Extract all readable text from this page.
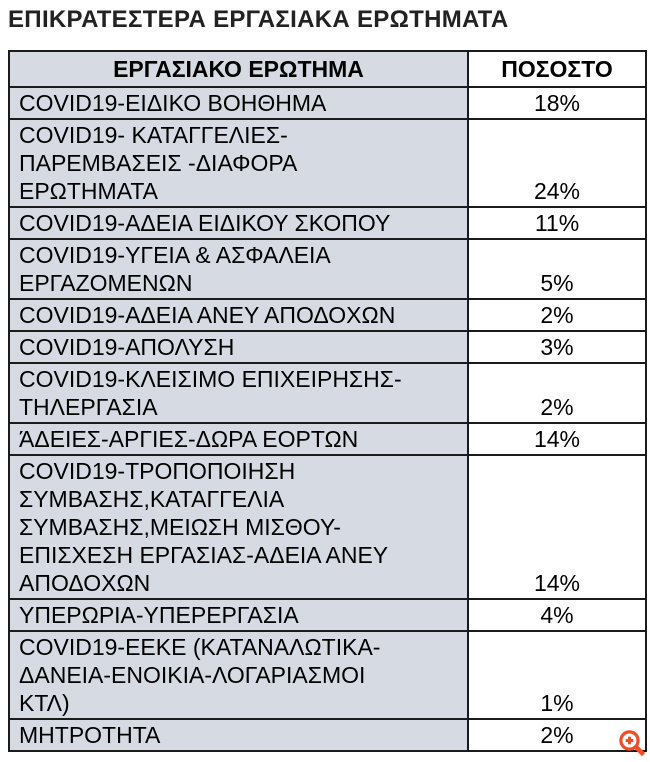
ΕΠΙΚΡΑΤΕΣΤΕΡΑ ΕΡΓΑΣΙΑΚΑ ΕΡΩΤΗΜΑΤΑ
ΕΡΓΑΣΙΑΚΟ ΕΡΩΤΗΜΑ	ΠΟΣΟΣΤΟ
COVID19-ΕΙΔΙΚΟ ΒΟΗΘΗΜΑ	18%
COVID19- ΚΑΤΑΓΓΕΛΙΕΣ-ΠΑΡΕΜΒΑΣΕΙΣ -ΔΙΑΦΟΡΑ ΕΡΩΤΗΜΑΤΑ	24%
COVID19-ΑΔΕΙΑ ΕΙΔΙΚΟΥ ΣΚΟΠΟΥ	11%
COVID19-ΥΓΕΙΑ & ΑΣΦΑΛΕΙΑ ΕΡΓΑΖΟΜΕΝΩΝ	5%
COVID19-ΑΔΕΙΑ ΑΝΕΥ ΑΠΟΔΟΧΩΝ	2%
COVID19-ΑΠΟΛΥΣΗ	3%
COVID19-ΚΛΕΙΣΙΜΟ ΕΠΙΧΕΙΡΗΣΗΣ-ΤΗΛΕΡΓΑΣΙΑ	2%
ΆΔΕΙΕΣ-ΑΡΓΙΕΣ-ΔΩΡΑ ΕΟΡΤΩΝ	14%
COVID19-ΤΡΟΠΟΠΟΙΗΣΗ ΣΥΜΒΑΣΗΣ,ΚΑΤΑΓΓΕΛΙΑ ΣΥΜΒΑΣΗΣ,ΜΕΙΩΣΗ ΜΙΣΘΟΥ-ΕΠΙΣΧΕΣΗ ΕΡΓΑΣΙΑΣ-ΑΔΕΙΑ ΑΝΕΥ ΑΠΟΔΟΧΩΝ	14%
ΥΠΕΡΩΡΙΑ-ΥΠΕΡΕΡΓΑΣΙΑ	4%
COVID19-ΕΕΚΕ (ΚΑΤΑΝΑΛΩΤΙΚΑ-ΔΑΝΕΙΑ-ΕΝΟΙΚΙΑ-ΛΟΓΑΡΙΑΣΜΟΙ ΚΤΛ)	1%
ΜΗΤΡΟΤΗΤΑ	2%
